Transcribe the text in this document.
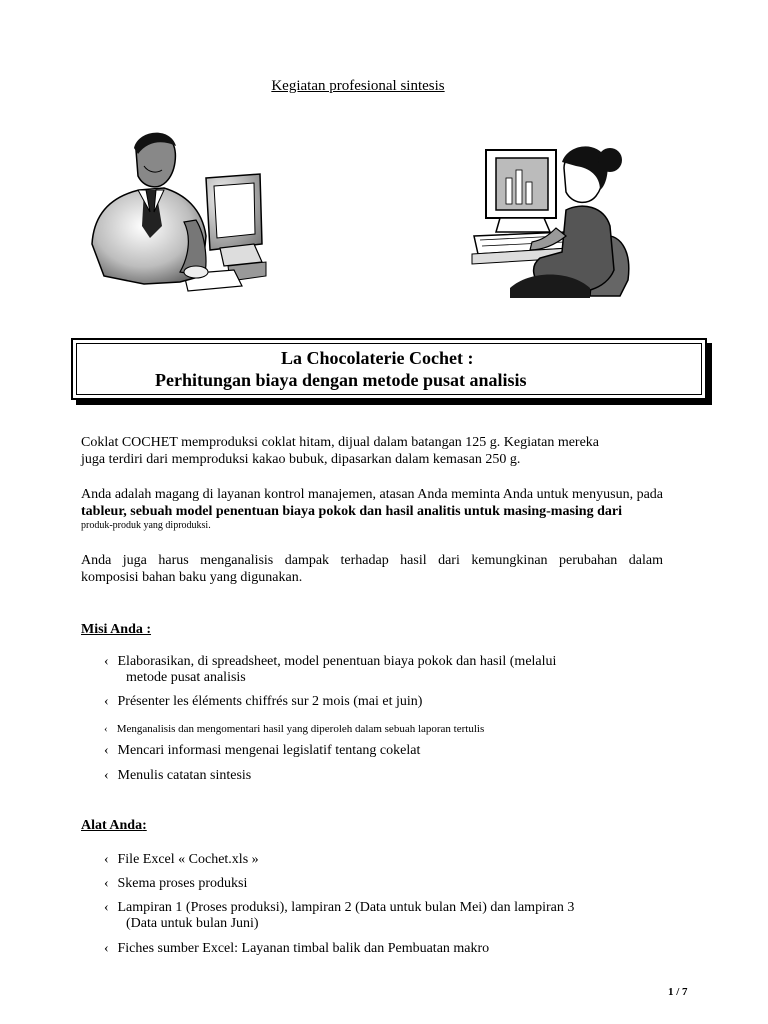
Kegiatan profesional sintesis
La Chocolaterie Cochet :
Perhitungan biaya dengan metode pusat analisis
Coklat COCHET memproduksi coklat hitam, dijual dalam batangan 125 g. Kegiatan mereka
juga terdiri dari memproduksi kakao bubuk, dipasarkan dalam kemasan 250 g.
Anda adalah magang di layanan kontrol manajemen, atasan Anda meminta Anda untuk menyusun, pada
tableur, sebuah model penentuan biaya pokok dan hasil analitis untuk masing-masing dari
produk-produk yang diproduksi.
Anda juga harus menganalisis dampak terhadap hasil dari kemungkinan perubahan dalam
komposisi bahan baku yang digunakan.
Misi Anda :
‹ Elaborasikan, di spreadsheet, model penentuan biaya pokok dan hasil (melalui
metode pusat analisis
‹ Présenter les éléments chiffrés sur 2 mois (mai et juin)
‹ Menganalisis dan mengomentari hasil yang diperoleh dalam sebuah laporan tertulis
‹ Mencari informasi mengenai legislatif tentang cokelat
‹ Menulis catatan sintesis
Alat Anda:
‹ File Excel « Cochet.xls »
‹ Skema proses produksi
‹ Lampiran 1 (Proses produksi), lampiran 2 (Data untuk bulan Mei) dan lampiran 3
(Data untuk bulan Juni)
‹ Fiches sumber Excel: Layanan timbal balik dan Pembuatan makro
1 / 7
